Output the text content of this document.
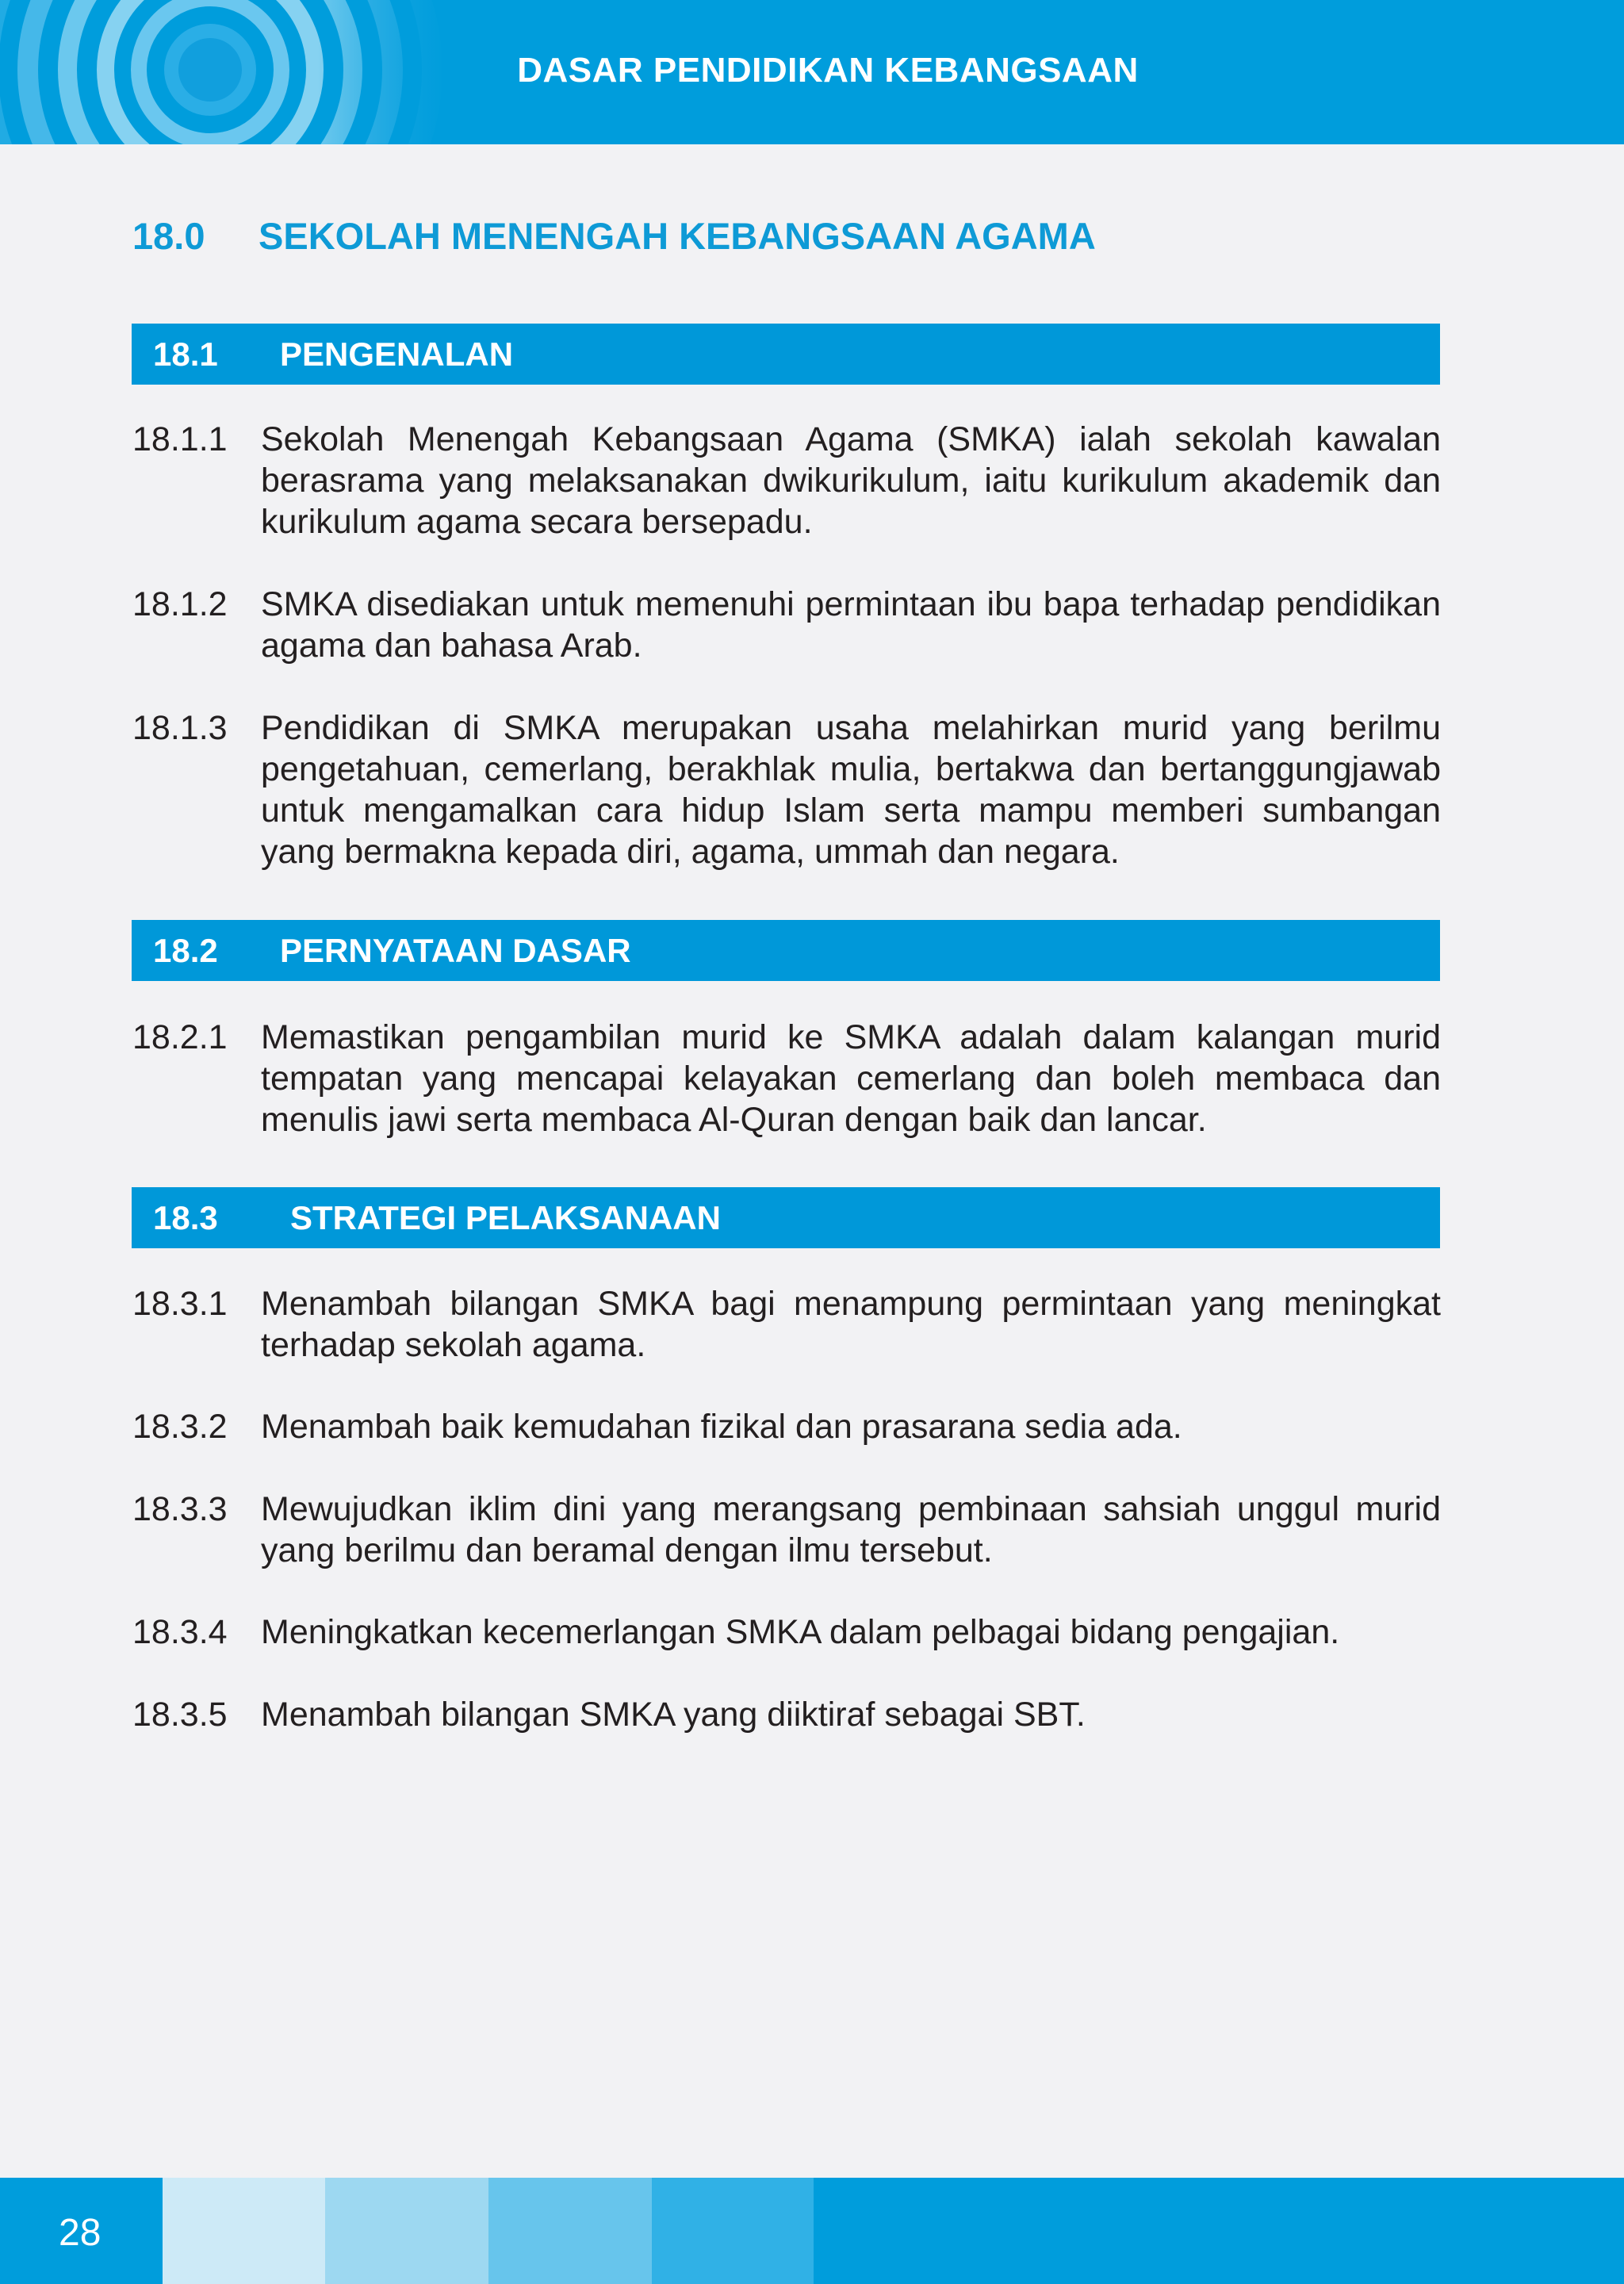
DASAR PENDIDIKAN KEBANGSAAN
18.0	SEKOLAH MENENGAH KEBANGSAAN AGAMA
18.1 PENGENALAN
18.1.1 Sekolah Menengah Kebangsaan Agama (SMKA) ialah sekolah kawalan berasrama yang melaksanakan dwikurikulum, iaitu kurikulum akademik dan kurikulum agama secara bersepadu.
18.1.2 SMKA disediakan untuk memenuhi permintaan ibu bapa terhadap pendidikan agama dan bahasa Arab.
18.1.3 Pendidikan di SMKA merupakan usaha melahirkan murid yang berilmu pengetahuan, cemerlang, berakhlak mulia, bertakwa dan bertanggungjawab untuk mengamalkan cara hidup Islam serta mampu memberi sumbangan yang bermakna kepada diri, agama, ummah dan negara.
18.2 PERNYATAAN DASAR
18.2.1 Memastikan pengambilan murid ke SMKA adalah dalam kalangan murid tempatan yang mencapai kelayakan cemerlang dan boleh membaca dan menulis jawi serta membaca Al-Quran dengan baik dan lancar.
18.3 STRATEGI PELAKSANAAN
18.3.1 Menambah bilangan SMKA bagi menampung permintaan yang meningkat terhadap sekolah agama.
18.3.2 Menambah baik kemudahan fizikal dan prasarana sedia ada.
18.3.3 Mewujudkan iklim dini yang merangsang pembinaan sahsiah unggul murid yang berilmu dan beramal dengan ilmu tersebut.
18.3.4 Meningkatkan kecemerlangan SMKA dalam pelbagai bidang pengajian.
18.3.5 Menambah bilangan SMKA yang diiktiraf sebagai SBT.
28
